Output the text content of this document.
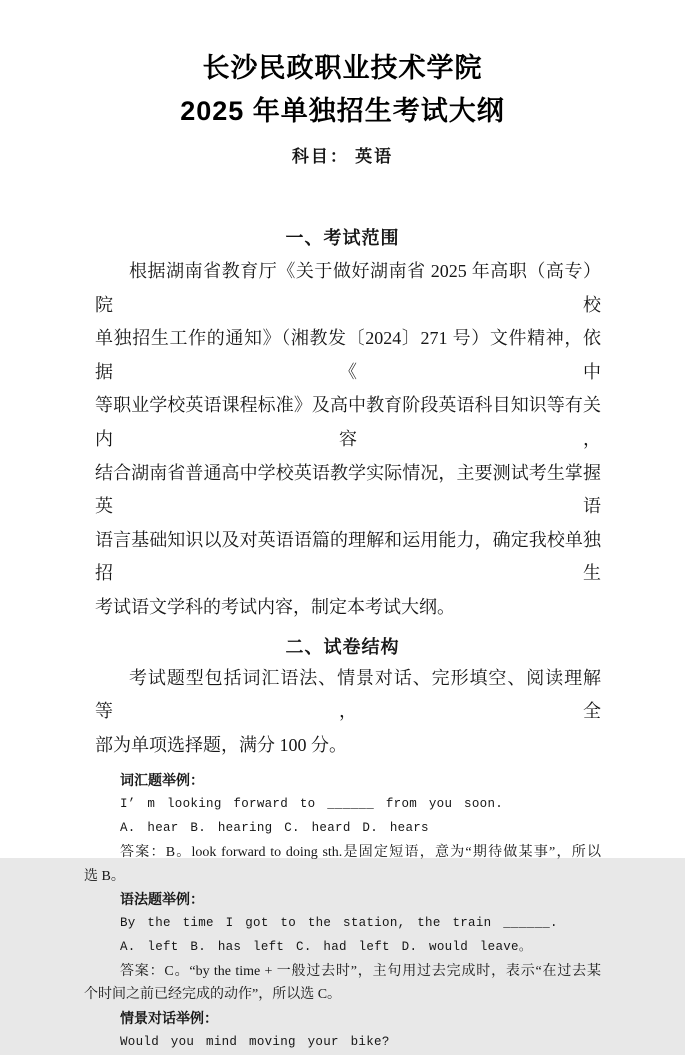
长沙民政职业技术学院
2025 年单独招生考试大纲
科目： 英语
一、考试范围
根据湖南省教育厅《关于做好湖南省 2025 年高职（高专）院校
单独招生工作的通知》（湘教发〔2024〕271 号）文件精神，依据《中
等职业学校英语课程标准》及高中教育阶段英语科目知识等有关内容，
结合湖南省普通高中学校英语教学实际情况，主要测试考生掌握英语
语言基础知识以及对英语语篇的理解和运用能力，确定我校单独招生
考试语文学科的考试内容，制定本考试大纲。
二、试卷结构
考试题型包括词汇语法、情景对话、完形填空、阅读理解等，全
部为单项选择题，满分 100 分。
词汇题举例：
I’ m looking forward to ______ from you soon.
A. hear B. hearing C. heard D. hears
答案：B。look forward to doing sth.是固定短语，意为“期待做某事”，所以
选 B。
语法题举例：
By the time I got to the station, the train ______.
A. left B. has left C. had left D. would leave。
答案：C。“by the time + 一般过去时”，主句用过去完成时，表示“在过去某
个时间之前已经完成的动作”，所以选 C。
情景对话举例：
Would you mind moving your bike?
